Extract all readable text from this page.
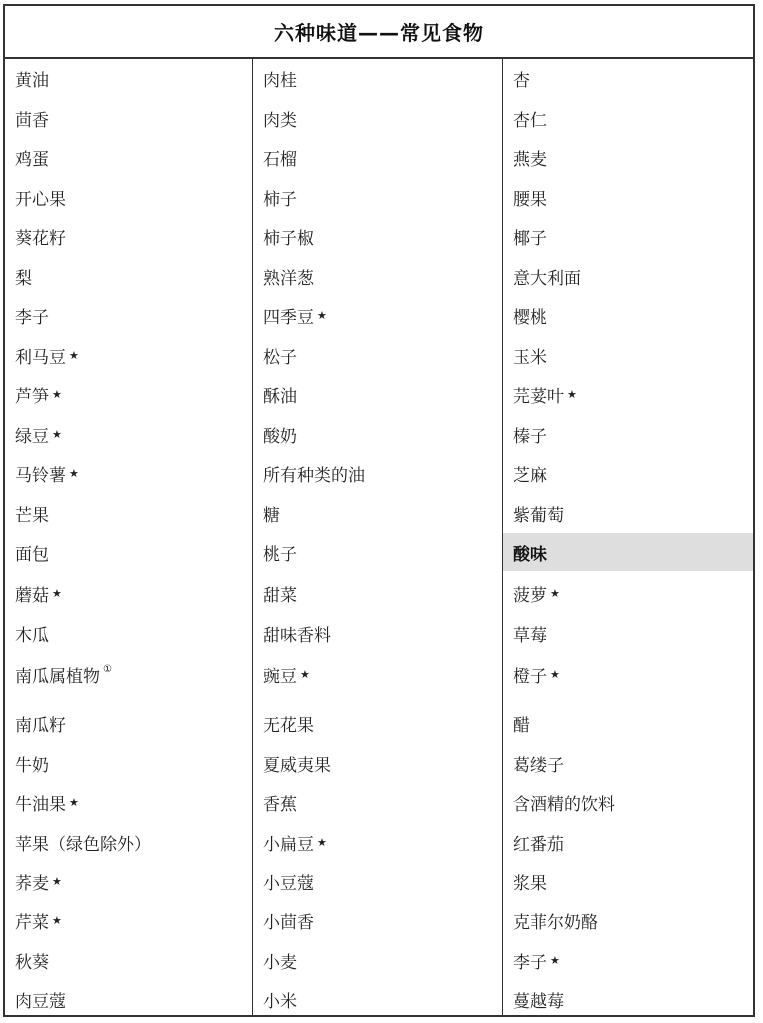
六种味道——常见食物
黄油
茴香
鸡蛋
开心果
葵花籽
梨
李子
利马豆 ★
芦笋 ★
绿豆 ★
马铃薯 ★
芒果
面包
蘑菇 ★
木瓜
南瓜属植物 ①
南瓜籽
牛奶
牛油果 ★
苹果（绿色除外）
荞麦 ★
芹菜 ★
秋葵
肉豆蔻
肉桂
肉类
石榴
柿子
柿子椒
熟洋葱
四季豆 ★
松子
酥油
酸奶
所有种类的油
糖
桃子
甜菜
甜味香料
豌豆 ★
无花果
夏威夷果
香蕉
小扁豆 ★
小豆蔻
小茴香
小麦
小米
杏
杏仁
燕麦
腰果
椰子
意大利面
樱桃
玉米
芫荽叶 ★
榛子
芝麻
紫葡萄
酸味
菠萝 ★
草莓
橙子 ★
醋
葛缕子
含酒精的饮料
红番茄
浆果
克菲尔奶酪
李子 ★
蔓越莓
